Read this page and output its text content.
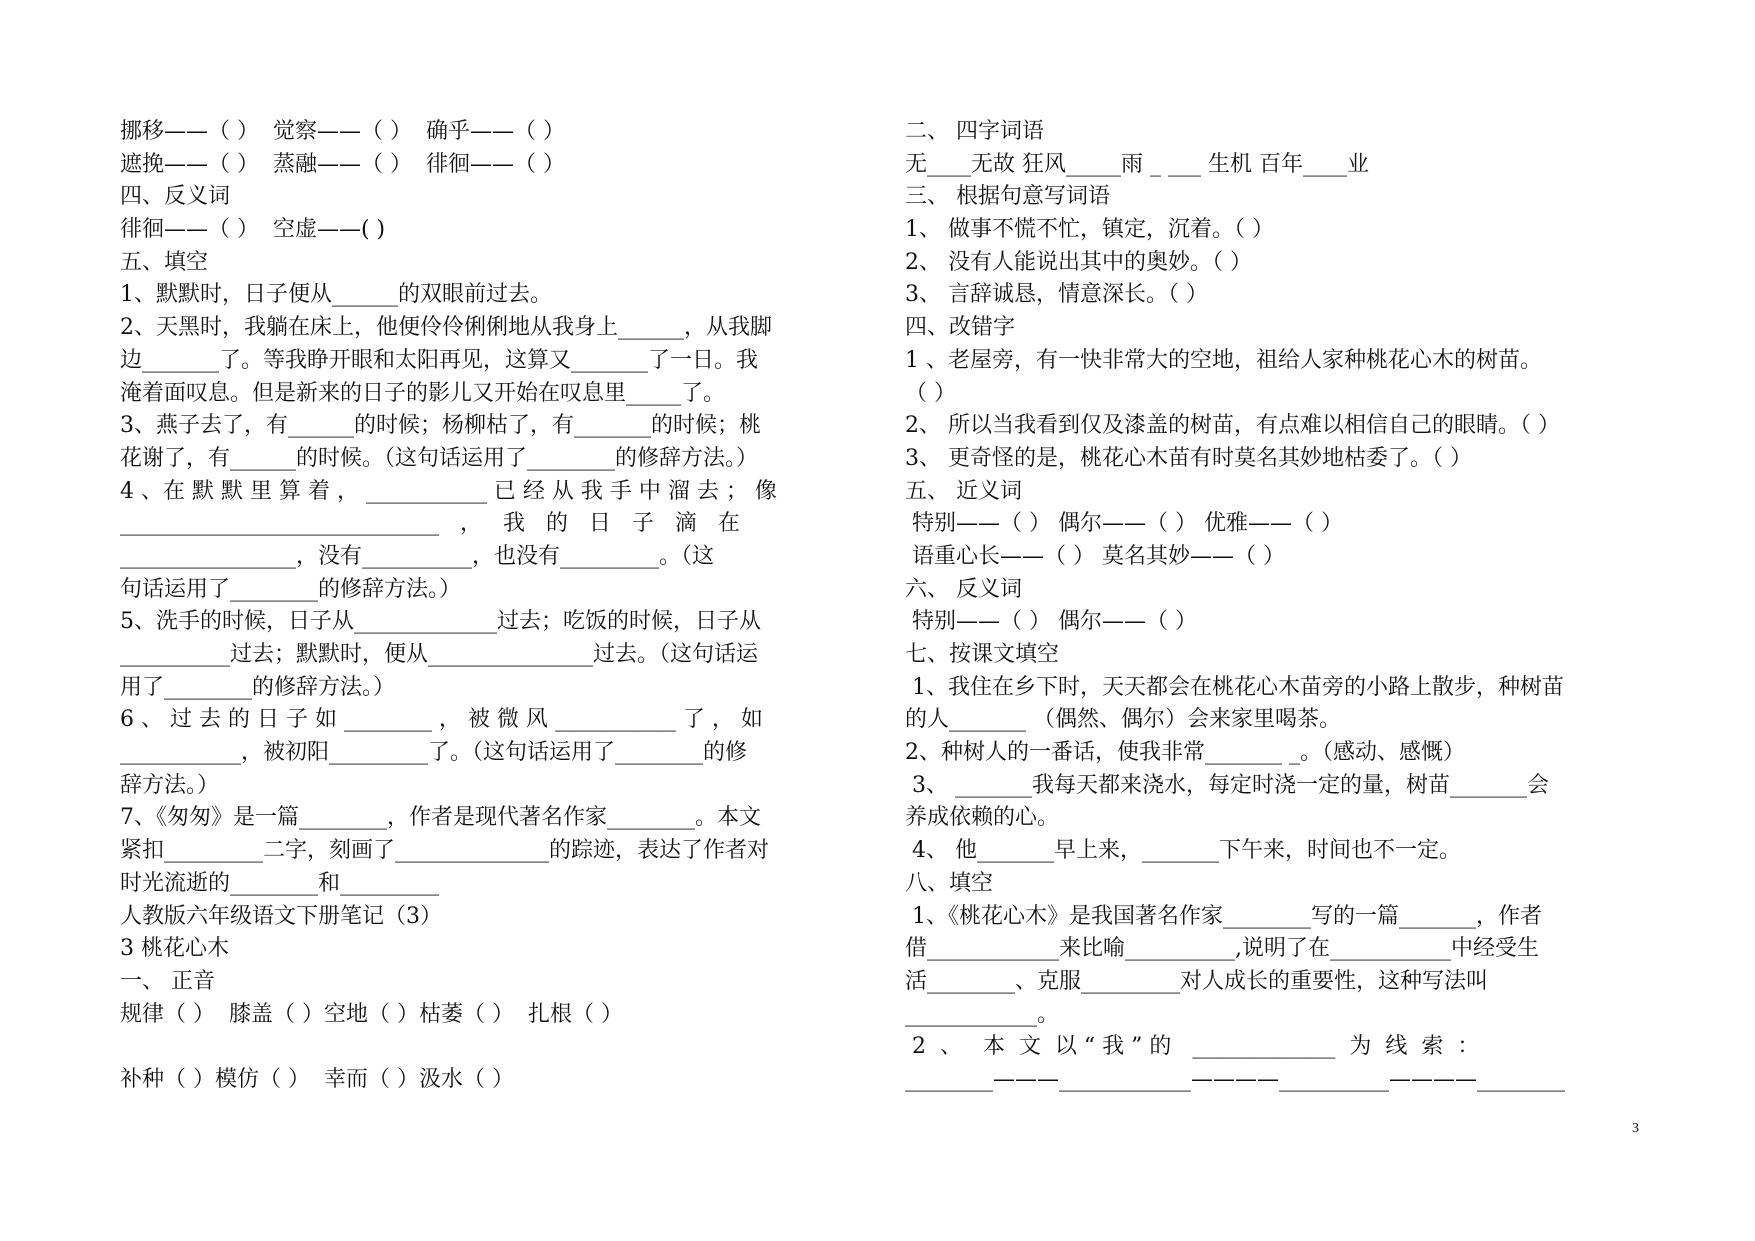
挪移——（ ）  觉察——（ ）  确乎——（ ）
遮挽——（ ）  蒸融——（ ）  徘徊——（ ）
四、反义词
徘徊——（ ）  空虚——( )
五、填空
1、默默时，日子便从______的双眼前过去。
2、天黑时，我躺在床上，他便伶伶俐俐地从我身上______，从我脚
边_______了。等我睁开眼和太阳再见，这算又_______了一日。我
淹着面叹息。但是新来的日子的影儿又开始在叹息里_____了。
3、燕子去了，有______的时候；杨柳枯了，有_______的时候；桃
花谢了，有______的时候。（这句话运用了________的修辞方法。）
4 、在 默 默 里 算 着 ， ___________ 已 经 从 我 手 中 溜 去 ； 像
_____________________________   ，   我   的   日   子   滴   在
________________，没有__________，也没有_________。（这
句话运用了________的修辞方法。）
5、洗手的时候，日子从_____________过去；吃饭的时候，日子从
__________过去；默默时，便从_______________过去。（这句话运
用了________的修辞方法。）
6 、 过 去 的 日 子 如 ________ ， 被 微 风 ___________ 了 ， 如
___________，被初阳_________了。（这句话运用了________的修
辞方法。）
7、《匆匆》是一篇________，作者是现代著名作家________。本文
紧扣_________二字，刻画了______________的踪迹，表达了作者对
时光流逝的________和_________
人教版六年级语文下册笔记（3）
3 桃花心木
一、 正音
规律（ ）  膝盖（ ）空地（ ）枯萎（ ）  扎根（ ）
补种（ ）模仿（ ）  幸而（ ）汲水（ ）
二、 四字词语
无____无故 狂风_____雨 _ ___ 生机 百年____业
三、 根据句意写词语
1、 做事不慌不忙，镇定，沉着。（ ）
2、 没有人能说出其中的奥妙。（ ）
3、 言辞诚恳，情意深长。（ ）
四、改错字
1 、老屋旁，有一快非常大的空地，祖给人家种桃花心木的树苗。
（ ）
2、 所以当我看到仅及漆盖的树苗，有点难以相信自己的眼睛。（ ）
3、 更奇怪的是，桃花心木苗有时莫名其妙地枯委了。（ ）
五、 近义词
特别——（ ） 偶尔——（ ） 优雅——（ ）
语重心长——（ ） 莫名其妙——（ ）
六、 反义词
特别——（ ） 偶尔——（ ）
七、按课文填空
1、我住在乡下时，天天都会在桃花心木苗旁的小路上散步，种树苗
的人_______ （偶然、偶尔）会来家里喝茶。
2、种树人的一番话，使我非常_______ _。（感动、感慨）
3、 _______我每天都来浇水，每定时浇一定的量，树苗_______会
养成依赖的心。
4、 他_______早上来，_______下午来，时间也不一定。
八、填空
1、《桃花心木》是我国著名作家________写的一篇_______，作者
借____________来比喻__________,说明了在___________中经受生
活________、克服_________对人成长的重要性，这种写法叫
____________。
2  、   本  文  以 “ 我 ” 的   _____________  为  线  索  ：
________———____________————__________————________
3
